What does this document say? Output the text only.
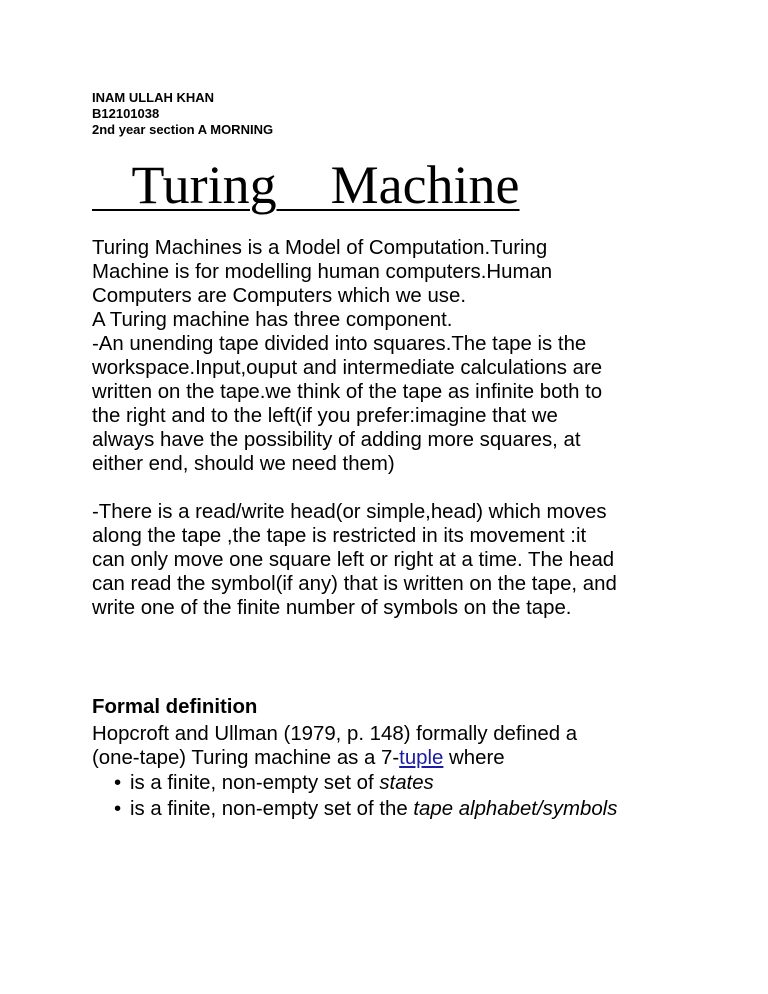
INAM ULLAH KHAN
B12101038
2nd year section A MORNING
Turing    Machine
Turing Machines is a Model of Computation.Turing
Machine is for modelling human computers.Human
Computers are Computers which we use.
A Turing machine has three component.
-An unending tape divided into squares.The tape is the
workspace.Input,ouput and intermediate calculations are
written on the tape.we think of the tape as infinite both to
the right and to the left(if you prefer:imagine that we
always have the possibility of adding more squares, at
either end, should we need them)
-There is a read/write head(or simple,head) which moves
along the tape ,the tape is restricted in its movement :it
can only move one square left or right at a time. The head
can read the symbol(if any) that is written on the tape, and
write one of the finite number of symbols on the tape.
Formal definition
Hopcroft and Ullman (1979, p. 148) formally defined a
(one-tape) Turing machine as a 7-tuple where
• is a finite, non-empty set of states
• is a finite, non-empty set of the tape alphabet/symbols
